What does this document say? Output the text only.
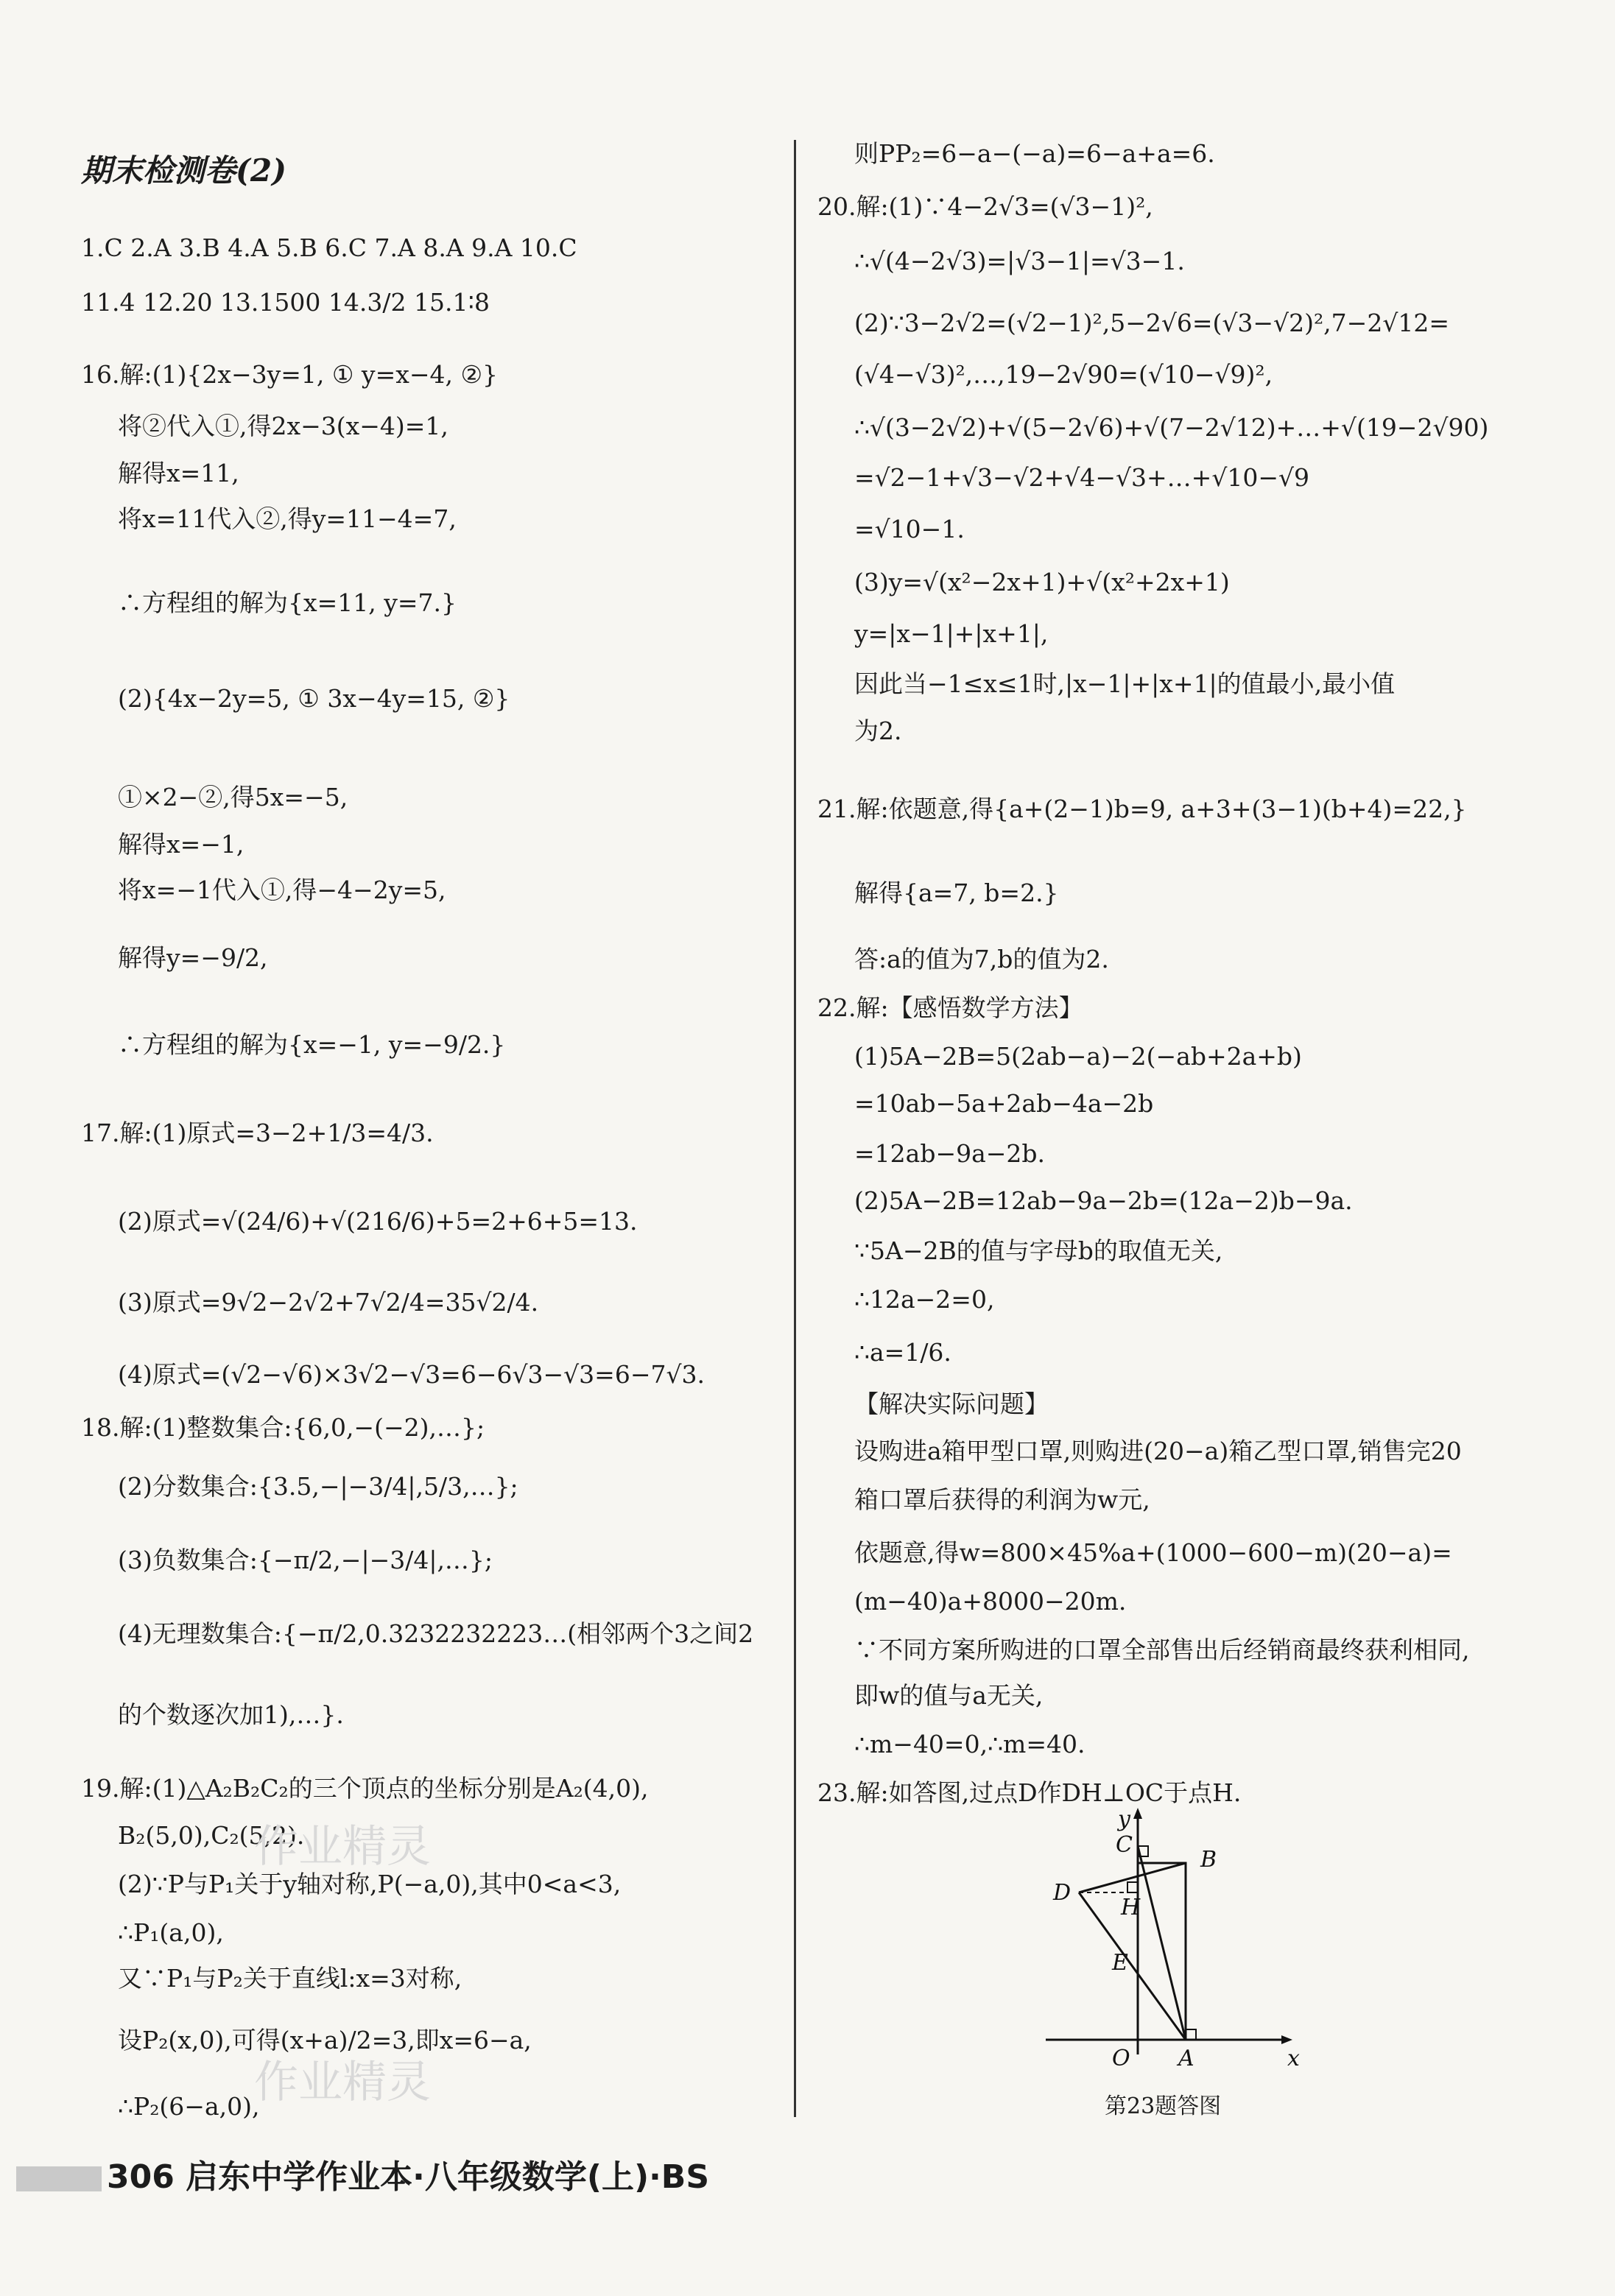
期末检测卷(2)
1.C 2.A 3.B 4.A 5.B 6.C 7.A 8.A 9.A 10.C
11.4 12.20 13.1500 14.3/2 15.1∶8
16.解:(1){2x−3y=1, ① y=x−4, ②}
将②代入①,得2x−3(x−4)=1,
解得x=11,
将x=11代入②,得y=11−4=7,
∴方程组的解为{x=11, y=7.}
(2){4x−2y=5, ① 3x−4y=15, ②}
①×2−②,得5x=−5,
解得x=−1,
将x=−1代入①,得−4−2y=5,
解得y=−9/2,
∴方程组的解为{x=−1, y=−9/2.}
17.解:(1)原式=3−2+1/3=4/3.
(2)原式=√(24/6)+√(216/6)+5=2+6+5=13.
(3)原式=9√2−2√2+7√2/4=35√2/4.
(4)原式=(√2−√6)×3√2−√3=6−6√3−√3=6−7√3.
18.解:(1)整数集合:{6,0,−(−2),…};
(2)分数集合:{3.5,−|−3/4|,5/3,…};
(3)负数集合:{−π/2,−|−3/4|,…};
(4)无理数集合:{−π/2,0.3232232223…(相邻两个3之间2
的个数逐次加1),…}.
19.解:(1)△A₂B₂C₂的三个顶点的坐标分别是A₂(4,0),
B₂(5,0),C₂(5,2).
(2)∵P与P₁关于y轴对称,P(−a,0),其中0<a<3,
∴P₁(a,0),
又∵P₁与P₂关于直线l:x=3对称,
设P₂(x,0),可得(x+a)/2=3,即x=6−a,
∴P₂(6−a,0),
则PP₂=6−a−(−a)=6−a+a=6.
20.解:(1)∵4−2√3=(√3−1)²,
∴√(4−2√3)=|√3−1|=√3−1.
(2)∵3−2√2=(√2−1)²,5−2√6=(√3−√2)²,7−2√12=
(√4−√3)²,…,19−2√90=(√10−√9)²,
∴√(3−2√2)+√(5−2√6)+√(7−2√12)+…+√(19−2√90)
=√2−1+√3−√2+√4−√3+…+√10−√9
=√10−1.
(3)y=√(x²−2x+1)+√(x²+2x+1)
y=|x−1|+|x+1|,
因此当−1≤x≤1时,|x−1|+|x+1|的值最小,最小值
为2.
21.解:依题意,得{a+(2−1)b=9, a+3+(3−1)(b+4)=22,}
解得{a=7, b=2.}
答:a的值为7,b的值为2.
22.解:【感悟数学方法】
(1)5A−2B=5(2ab−a)−2(−ab+2a+b)
=10ab−5a+2ab−4a−2b
=12ab−9a−2b.
(2)5A−2B=12ab−9a−2b=(12a−2)b−9a.
∵5A−2B的值与字母b的取值无关,
∴12a−2=0,
∴a=1/6.
【解决实际问题】
设购进a箱甲型口罩,则购进(20−a)箱乙型口罩,销售完20
箱口罩后获得的利润为w元,
依题意,得w=800×45%a+(1000−600−m)(20−a)=
(m−40)a+8000−20m.
∵不同方案所购进的口罩全部售出后经销商最终获利相同,
即w的值与a无关,
∴m−40=0,∴m=40.
23.解:如答图,过点D作DH⊥OC于点H.
y
C
B
D
H
E
O A	x
第23题答图
作业精灵
作业精灵
306 启东中学作业本·八年级数学(上)·BS
